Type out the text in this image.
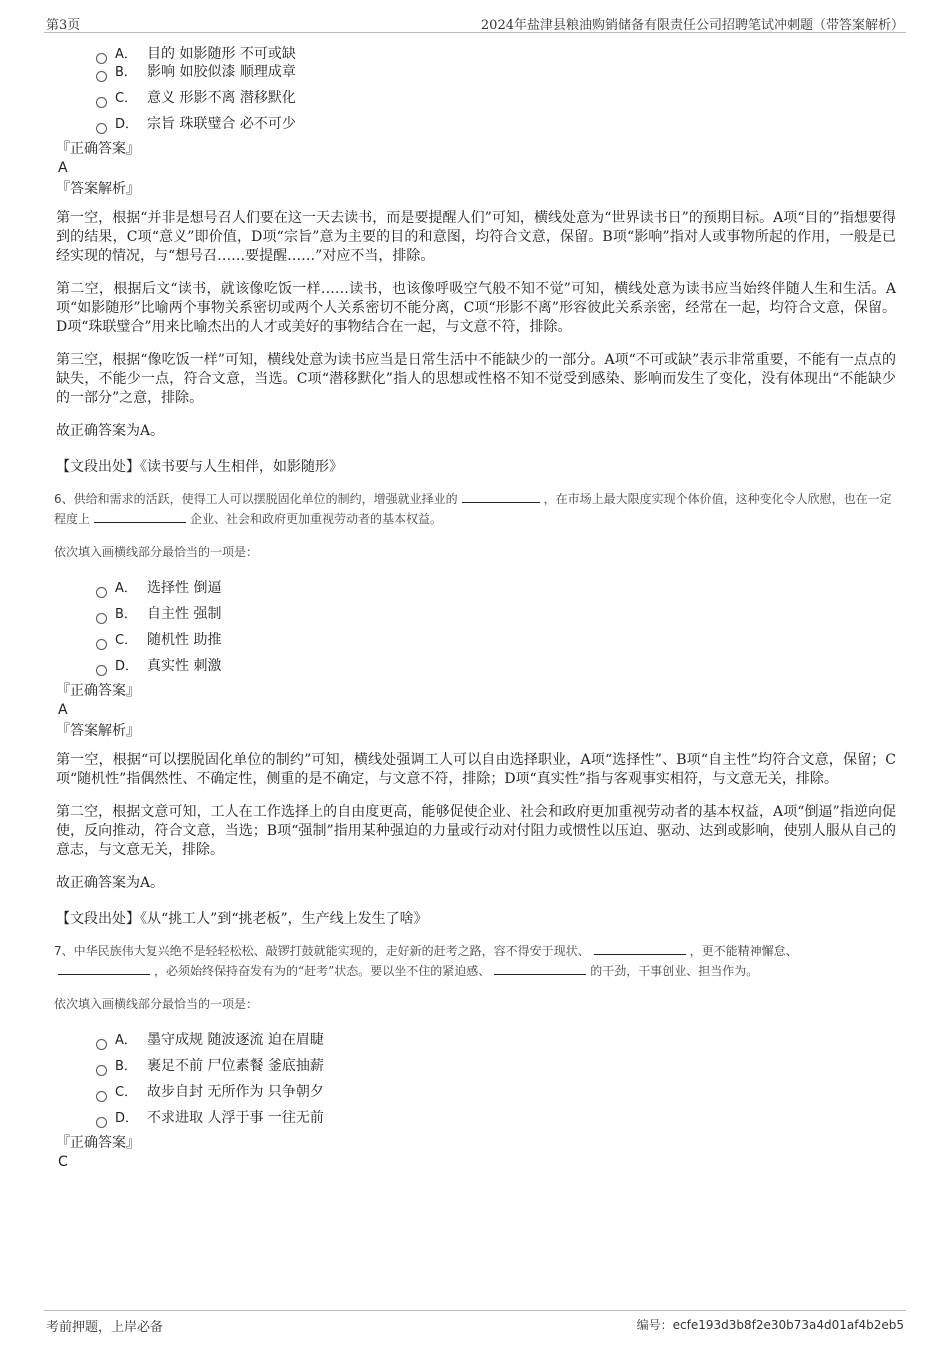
第3页	2024年盐津县粮油购销储备有限责任公司招聘笔试冲刺题（带答案解析）
A． 目的 如影随形 不可或缺
B． 影响 如胶似漆 顺理成章
C． 意义 形影不离 潜移默化
D． 宗旨 珠联璧合 必不可少
『正确答案』
A
『答案解析』

第一空，根据“并非是想号召人们要在这一天去读书，而是要提醒人们”可知，横线处意为“世界读书日”的预期目标。A项“目的”指想要得到的结果，C项“意义”即价值，D项“宗旨”意为主要的目的和意图，均符合文意，保留。B项“影响”指对人或事物所起的作用，一般是已经实现的情况，与“想号召……要提醒……”对应不当，排除。

第二空，根据后文“读书，就该像吃饭一样……读书，也该像呼吸空气般不知不觉”可知，横线处意为读书应当始终伴随人生和生活。A项“如影随形”比喻两个事物关系密切或两个人关系密切不能分离，C项“形影不离”形容彼此关系亲密，经常在一起，均符合文意，保留。D项“珠联璧合”用来比喻杰出的人才或美好的事物结合在一起，与文意不符，排除。

第三空，根据“像吃饭一样”可知，横线处意为读书应当是日常生活中不能缺少的一部分。A项“不可或缺”表示非常重要，不能有一点点的缺失，不能少一点，符合文意，当选。C项“潜移默化”指人的思想或性格不知不觉受到感染、影响而发生了变化，没有体现出“不能缺少的一部分”之意，排除。

故正确答案为A。

【文段出处】《读书要与人生相伴，如影随形》
6、供给和需求的活跃，使得工人可以摆脱固化单位的制约，增强就业择业的	，在市场上最大限度实现个体价值，这种变化令人欣慰，也在一定程度上	企业、社会和政府更加重视劳动者的基本权益。
依次填入画横线部分最恰当的一项是：
A． 选择性 倒逼
B． 自主性 强制
C． 随机性 助推
D． 真实性 刺激
『正确答案』
A
『答案解析』

第一空，根据“可以摆脱固化单位的制约”可知，横线处强调工人可以自由选择职业，A项“选择性”、B项“自主性”均符合文意，保留；C项“随机性”指偶然性、不确定性，侧重的是不确定，与文意不符，排除；D项“真实性”指与客观事实相符，与文意无关，排除。

第二空，根据文意可知，工人在工作选择上的自由度更高，能够促使企业、社会和政府更加重视劳动者的基本权益，A项“倒逼”指逆向促使，反向推动，符合文意，当选；B项“强制”指用某种强迫的力量或行动对付阻力或惯性以压迫、驱动、达到或影响，使别人服从自己的意志，与文意无关，排除。

故正确答案为A。

【文段出处】《从“挑工人”到“挑老板”，生产线上发生了啥》
7、中华民族伟大复兴绝不是轻轻松松、敲锣打鼓就能实现的，走好新的赶考之路，容不得安于现状、	，更不能精神懈怠、，必须始终保持奋发有为的“赶考”状态。要以坐不住的紧迫感、	的干劲，干事创业、担当作为。
依次填入画横线部分最恰当的一项是：
A． 墨守成规 随波逐流 迫在眉睫
B． 裹足不前 尸位素餐 釜底抽薪
C． 故步自封 无所作为 只争朝夕
D． 不求进取 人浮于事 一往无前
『正确答案』
C
考前押题，上岸必备	编号：ecfe193d3b8f2e30b73a4d01af4b2eb5
